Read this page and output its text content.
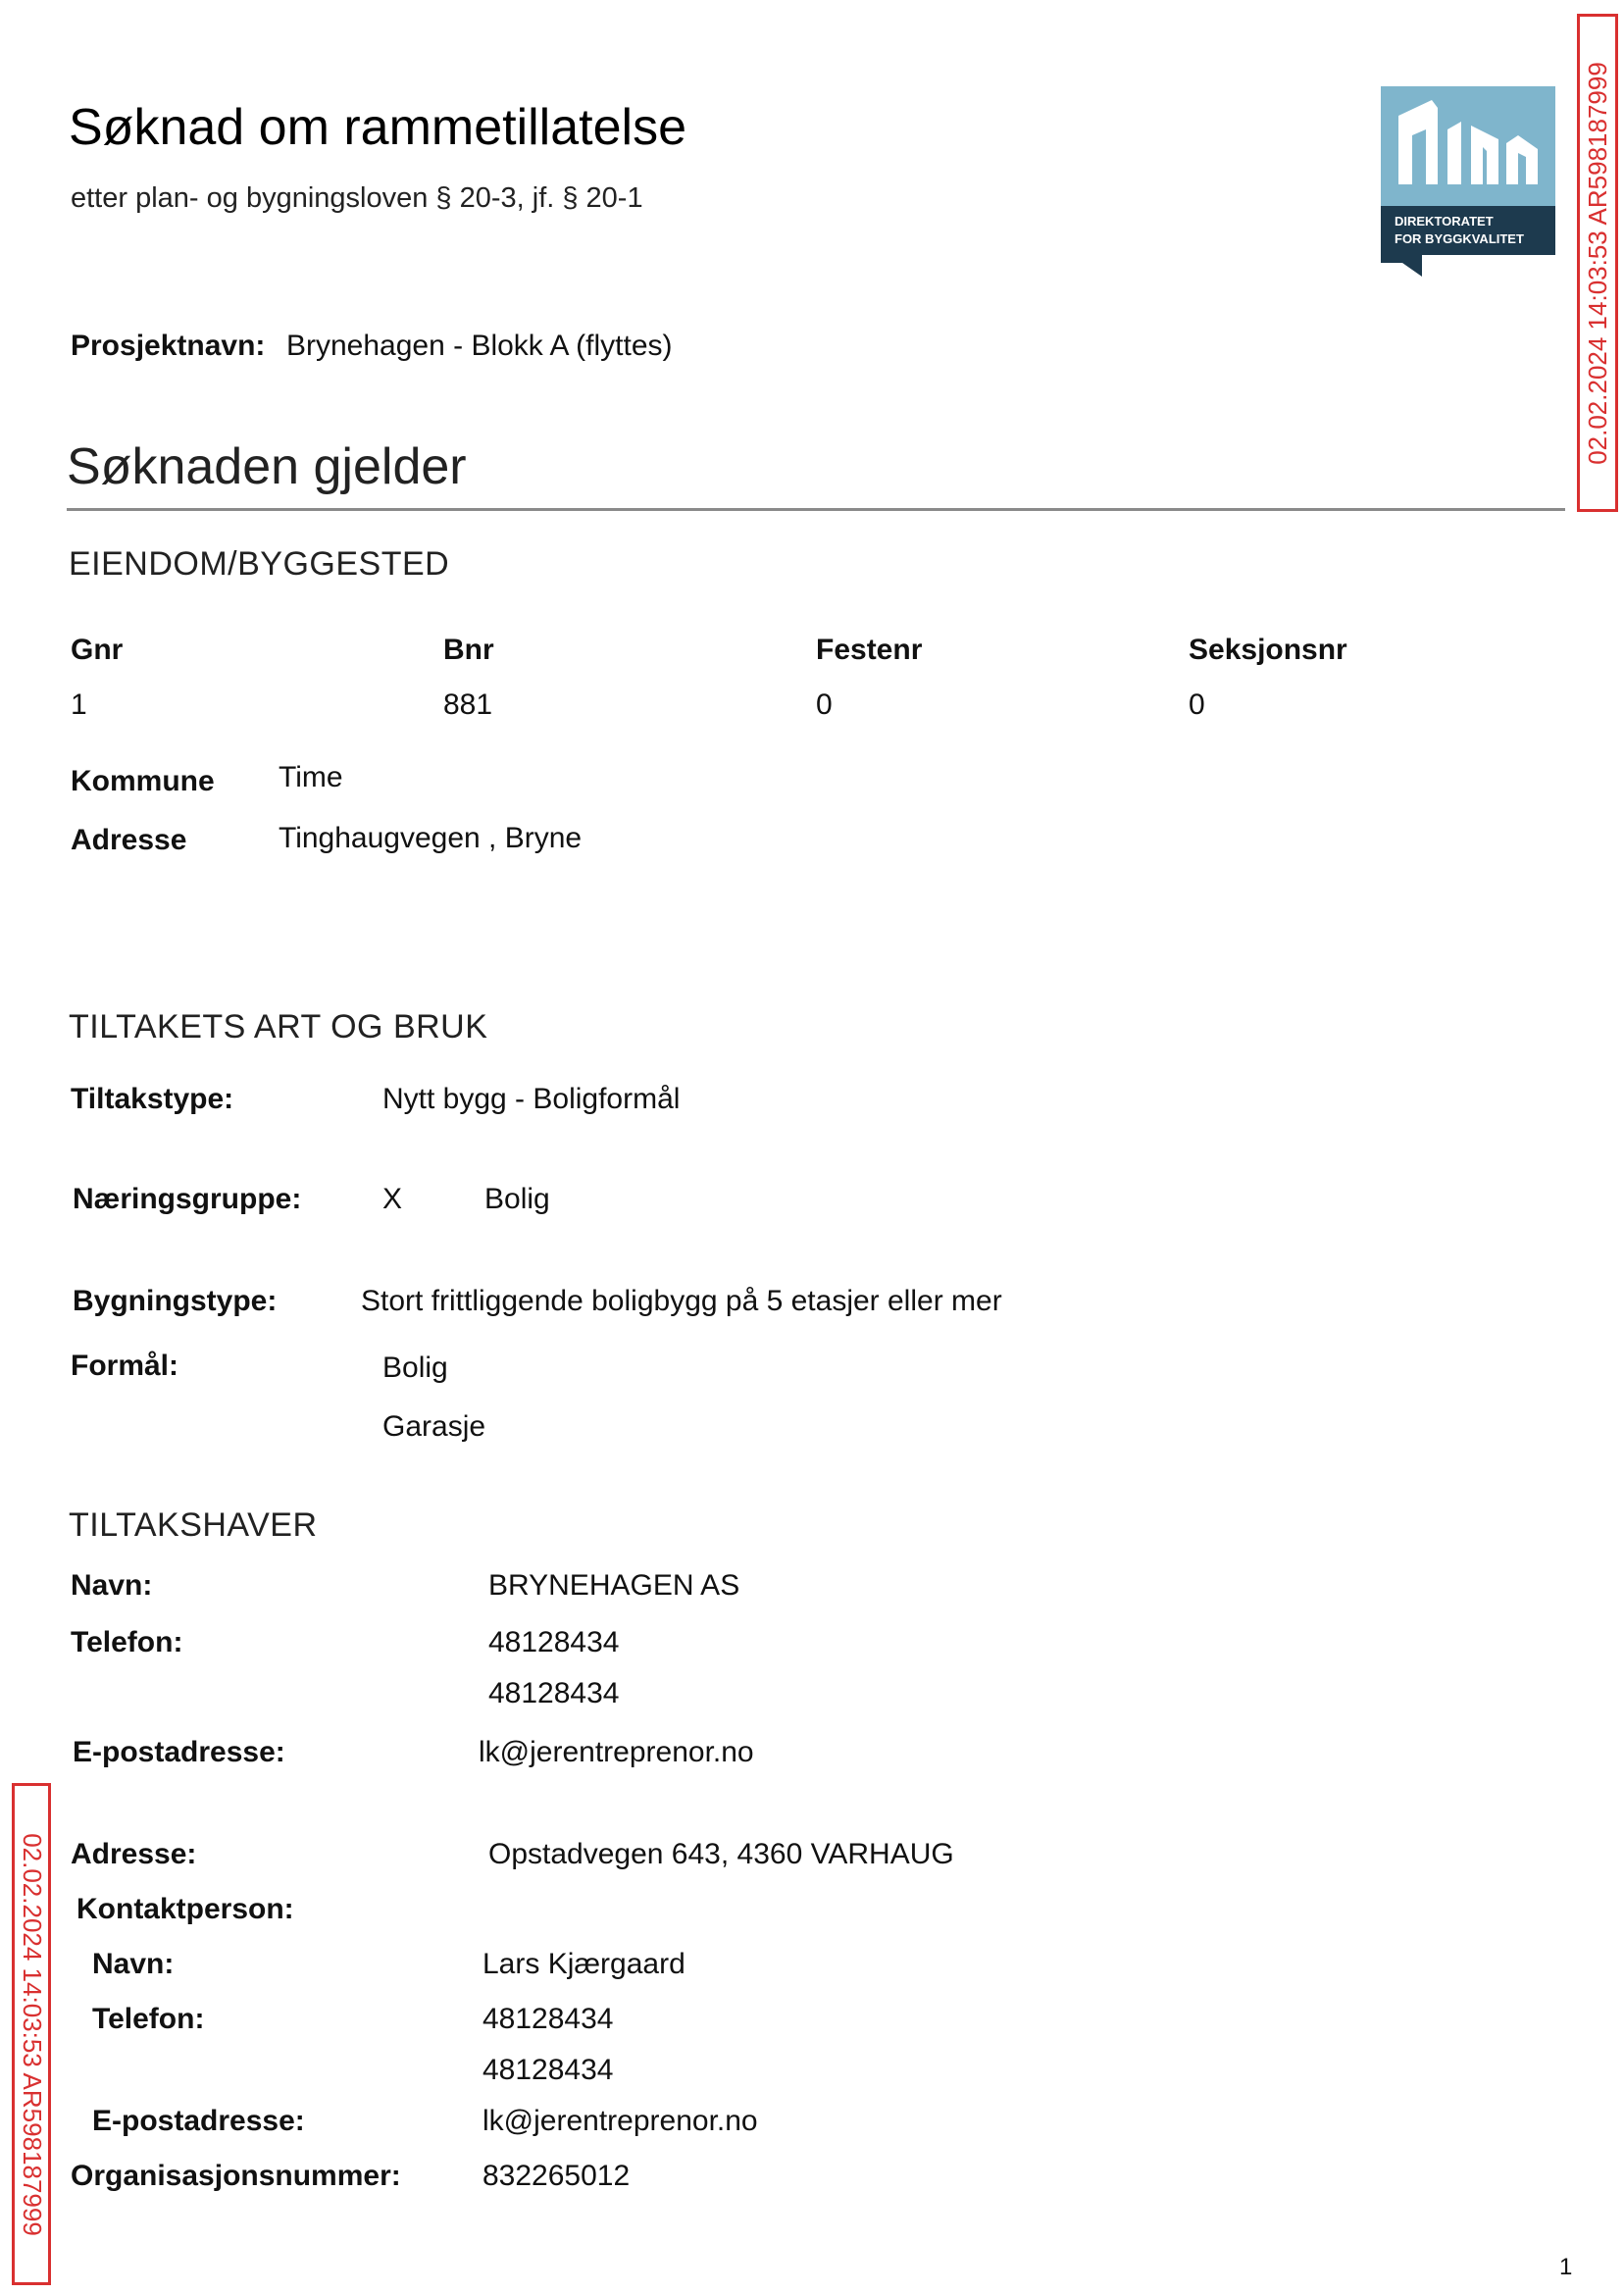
Søknad om rammetillatelse
etter plan- og bygningsloven § 20-3, jf. § 20-1
DIREKTORATET
FOR BYGGKVALITET 02.02.2024 14:03:53 AR598187999
02.02.2024 14:03:53 AR598187999
Prosjektnavn: Brynehagen - Blokk A (flyttes)
Søknaden gjelder
EIENDOM/BYGGESTED
Gnr	Bnr	Festenr	Seksjonsnr
1	881	0	0
Kommune Time
Adresse	Tinghaugvegen , Bryne
TILTAKETS ART OG BRUK
Tiltakstype:	Nytt bygg - Boligformål
Næringsgruppe:	X	Bolig
Bygningstype:	Stort frittliggende boligbygg på 5 etasjer eller mer
Formål:	Bolig
Garasje
TILTAKSHAVER
Navn:	BRYNEHAGEN AS
Telefon:	48128434
48128434
E-postadresse:	lk@jerentreprenor.no
Adresse:	Opstadvegen 643, 4360 VARHAUG
Kontaktperson:
Navn:	Lars Kjærgaard
Telefon:	48128434
48128434
E-postadresse:	lk@jerentreprenor.no
Organisasjonsnummer:	832265012
1
